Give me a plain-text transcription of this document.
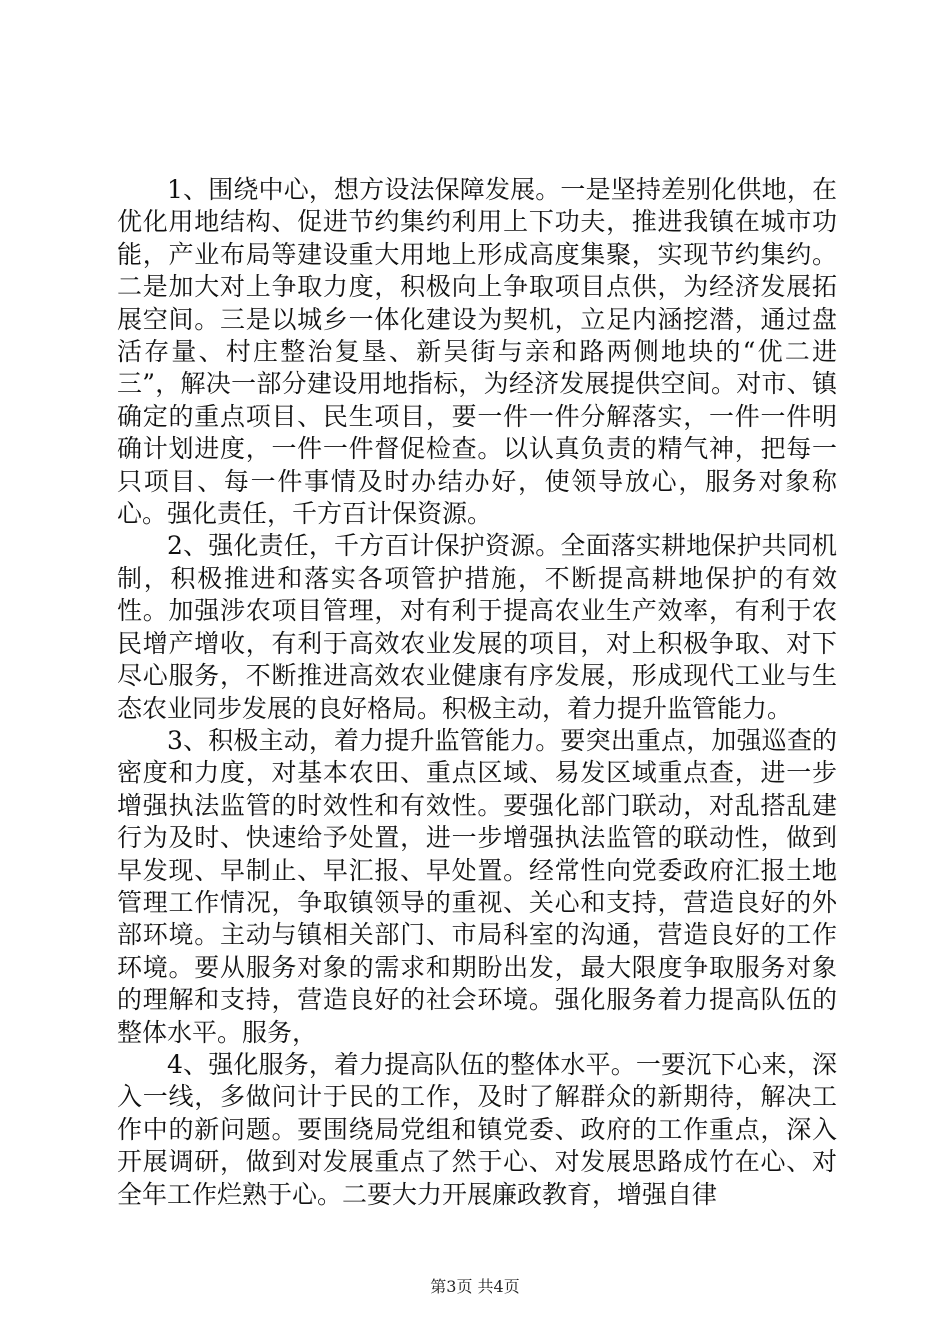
1、围绕中心，想方设法保障发展。一是坚持差别化供地，在优化用地结构、促进节约集约利用上下功夫，推进我镇在城市功能，产业布局等建设重大用地上形成高度集聚，实现节约集约。二是加大对上争取力度，积极向上争取项目点供，为经济发展拓展空间。三是以城乡一体化建设为契机，立足内涵挖潜，通过盘活存量、村庄整治复垦、新吴街与亲和路两侧地块的“优二进三”，解决一部分建设用地指标，为经济发展提供空间。对市、镇确定的重点项目、民生项目，要一件一件分解落实，一件一件明确计划进度，一件一件督促检查。以认真负责的精气神，把每一只项目、每一件事情及时办结办好，使领导放心，服务对象称心。强化责任，千方百计保资源。

2、强化责任，千方百计保护资源。全面落实耕地保护共同机制，积极推进和落实各项管护措施，不断提高耕地保护的有效性。加强涉农项目管理，对有利于提高农业生产效率，有利于农民增产增收，有利于高效农业发展的项目，对上积极争取、对下尽心服务，不断推进高效农业健康有序发展，形成现代工业与生态农业同步发展的良好格局。积极主动，着力提升监管能力。

3、积极主动，着力提升监管能力。要突出重点，加强巡查的密度和力度，对基本农田、重点区域、易发区域重点查，进一步增强执法监管的时效性和有效性。要强化部门联动，对乱搭乱建行为及时、快速给予处置，进一步增强执法监管的联动性，做到早发现、早制止、早汇报、早处置。经常性向党委政府汇报土地管理工作情况，争取镇领导的重视、关心和支持，营造良好的外部环境。主动与镇相关部门、市局科室的沟通，营造良好的工作环境。要从服务对象的需求和期盼出发，最大限度争取服务对象的理解和支持，营造良好的社会环境。强化服务着力提高队伍的整体水平。服务，

4、强化服务，着力提高队伍的整体水平。一要沉下心来，深入一线，多做问计于民的工作，及时了解群众的新期待，解决工作中的新问题。要围绕局党组和镇党委、政府的工作重点，深入开展调研，做到对发展重点了然于心、对发展思路成竹在心、对全年工作烂熟于心。二要大力开展廉政教育，增强自律

第3页 共4页
